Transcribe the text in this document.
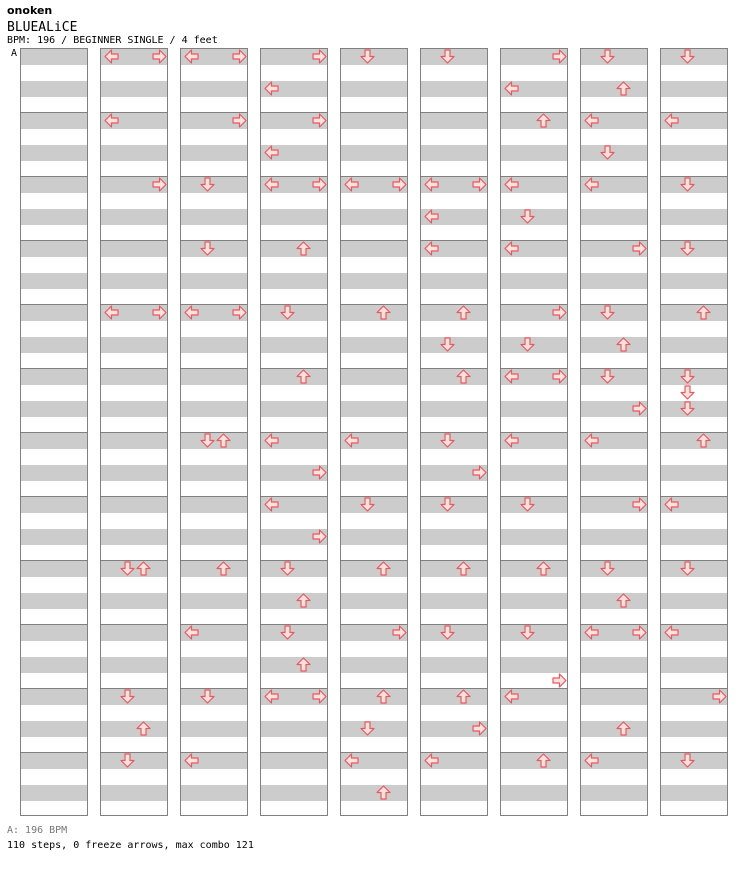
onoken
BLUEALiCE
BPM: 196 / BEGINNER SINGLE / 4 feet
A
A: 196 BPM
110 steps, 0 freeze arrows, max combo 121
